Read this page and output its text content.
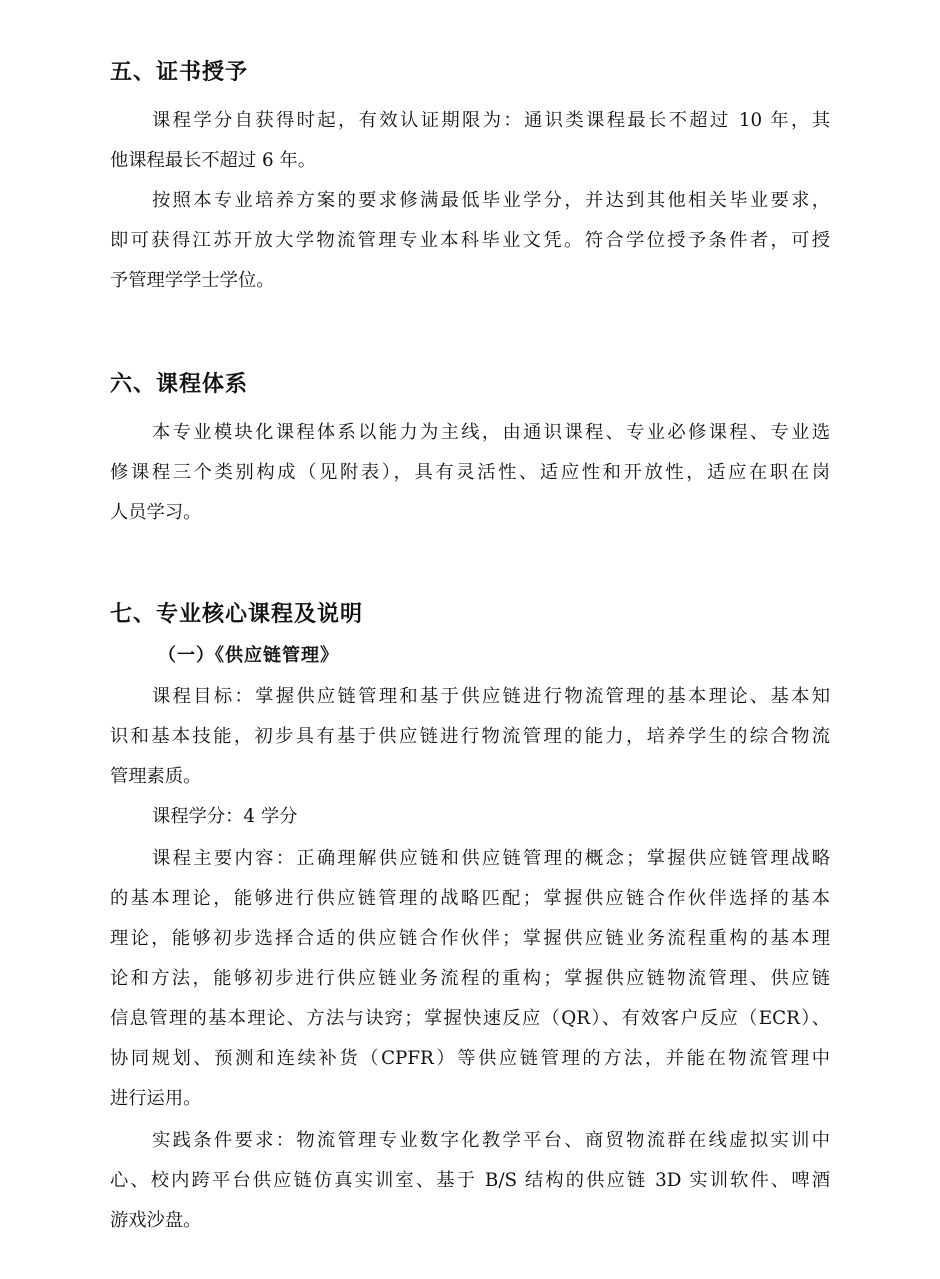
五、证书授予

课程学分自获得时起，有效认证期限为：通识类课程最长不超过 10 年，其

他课程最长不超过 6 年。

按照本专业培养方案的要求修满最低毕业学分，并达到其他相关毕业要求，

即可获得江苏开放大学物流管理专业本科毕业文凭。符合学位授予条件者，可授

予管理学学士学位。

六、课程体系

本专业模块化课程体系以能力为主线，由通识课程、专业必修课程、专业选

修课程三个类别构成（见附表），具有灵活性、适应性和开放性，适应在职在岗

人员学习。

七、专业核心课程及说明
（一）《供应链管理》

课程目标：掌握供应链管理和基于供应链进行物流管理的基本理论、基本知

识和基本技能，初步具有基于供应链进行物流管理的能力，培养学生的综合物流

管理素质。

课程学分：4 学分

课程主要内容：正确理解供应链和供应链管理的概念；掌握供应链管理战略

的基本理论，能够进行供应链管理的战略匹配；掌握供应链合作伙伴选择的基本

理论，能够初步选择合适的供应链合作伙伴；掌握供应链业务流程重构的基本理

论和方法，能够初步进行供应链业务流程的重构；掌握供应链物流管理、供应链

信息管理的基本理论、方法与诀窍；掌握快速反应（QR）、有效客户反应（ECR）、

协同规划、预测和连续补货（CPFR）等供应链管理的方法，并能在物流管理中

进行运用。

实践条件要求：物流管理专业数字化教学平台、商贸物流群在线虚拟实训中

心、校内跨平台供应链仿真实训室、基于 B/S 结构的供应链 3D 实训软件、啤酒

游戏沙盘。
